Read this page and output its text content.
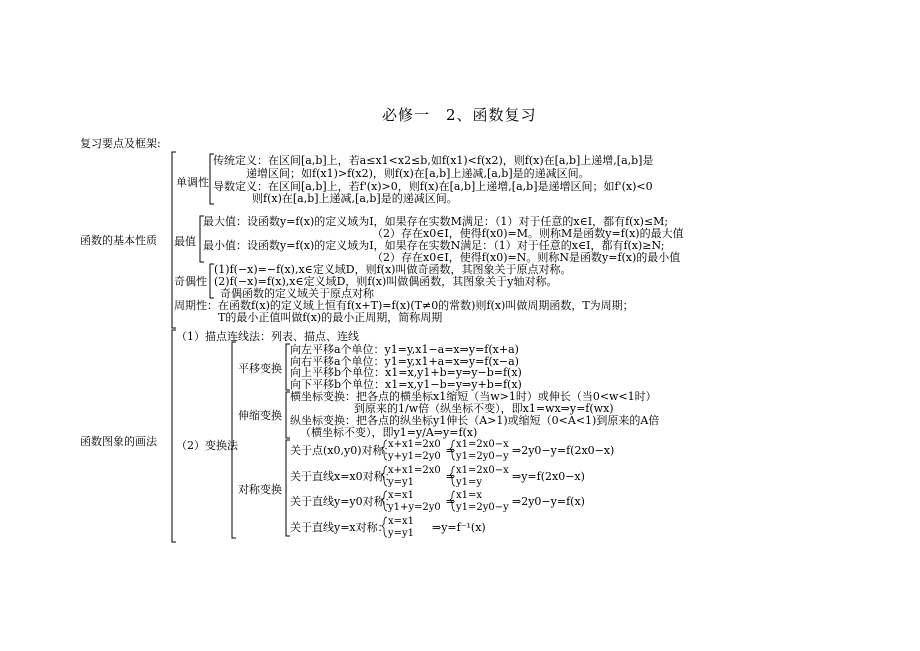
必修一　2、函数复习
复习要点及框架:
函数的基本性质
单调性
传统定义：在区间[a,b]上，若a≤x1<x2≤b,如f(x1)<f(x2)，则f(x)在[a,b]上递增,[a,b]是
递增区间；如f(x1)>f(x2)，则f(x)在[a,b]上递减,[a,b]是的递减区间。
导数定义：在区间[a,b]上，若f'(x)>0，则f(x)在[a,b]上递增,[a,b]是递增区间；如f'(x)<0
则f(x)在[a,b]上递减,[a,b]是的递减区间。
最值
最大值：设函数y=f(x)的定义域为I，如果存在实数M满足：（1）对于任意的x∈I，都有f(x)≤M;
（2）存在x0∈I，使得f(x0)=M。则称M是函数y=f(x)的最大值
最小值：设函数y=f(x)的定义域为I，如果存在实数N满足：（1）对于任意的x∈I，都有f(x)≥N;
（2）存在x0∈I，使得f(x0)=N。则称N是函数y=f(x)的最小值
奇偶性
(1)f(−x)=−f(x),x∈定义域D，则f(x)叫做奇函数，其图象关于原点对称。
(2)f(−x)=f(x),x∈定义域D，则f(x)叫做偶函数，其图象关于y轴对称。
奇偶函数的定义域关于原点对称
周期性：在函数f(x)的定义域上恒有f(x+T)=f(x)(T≠0的常数)则f(x)叫做周期函数，T为周期；
T的最小正值叫做f(x)的最小正周期，简称周期
函数图象的画法
（1）描点连线法：列表、描点、连线
（2）变换法
平移变换
向左平移a个单位：y1=y,x1−a=x⇒y=f(x+a)
向右平移a个单位：y1=y,x1+a=x⇒y=f(x−a)
向上平移b个单位：x1=x,y1+b=y⇒y−b=f(x)
向下平移b个单位：x1=x,y1−b=y⇒y+b=f(x)
伸缩变换
横坐标变换：把各点的横坐标x1缩短（当w>1时）或伸长（当0<w<1时）
到原来的1/w倍（纵坐标不变），即x1=wx⇒y=f(wx)
纵坐标变换：把各点的纵坐标y1伸长（A>1)或缩短（0<A<1)到原来的A倍
（横坐标不变），即y1=y/A⇒y=f(x)
对称变换
关于点(x0,y0)对称：
x+x1=2x0
y+y1=2y0 ⇒ x1=2x0−x
y1=2y0−y ⇒2y0−y=f(2x0−x)
关于直线x=x0对称：
x+x1=2x0
y=y1	⇒ x1=2x0−x
y1=y	⇒y=f(2x0−x)
关于直线y=y0对称：
x=x1
y1+y=2y0 ⇒ x1=x
y1=2y0−y ⇒2y0−y=f(x)
关于直线y=x对称： x=x1
y=y1 ⇒y=f⁻¹(x)
